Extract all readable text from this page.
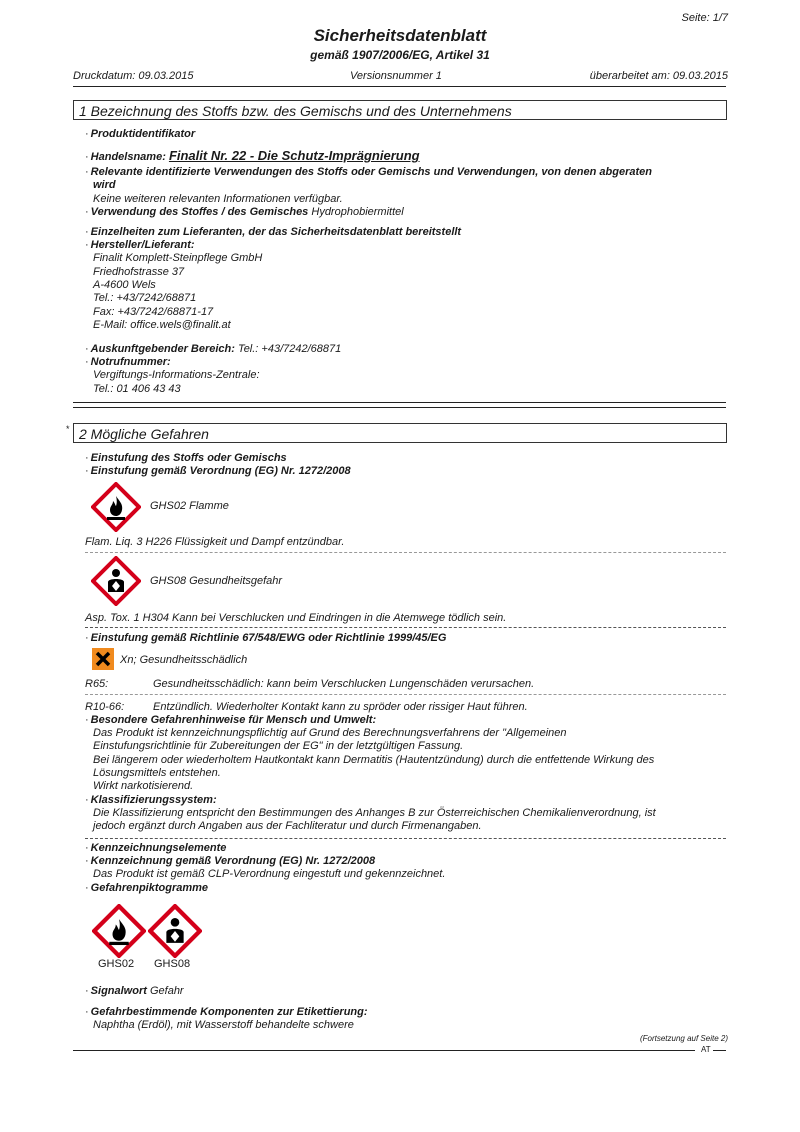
Seite: 1/7
Sicherheitsdatenblatt
gemäß 1907/2006/EG, Artikel 31
Druckdatum: 09.03.2015	Versionsnummer 1	überarbeitet am: 09.03.2015
1 Bezeichnung des Stoffs bzw. des Gemischs und des Unternehmens
· Produktidentifikator
· Handelsname: Finalit Nr. 22 - Die Schutz-Imprägnierung
· Relevante identifizierte Verwendungen des Stoffs oder Gemischs und Verwendungen, von denen abgeraten
wird
Keine weiteren relevanten Informationen verfügbar.
· Verwendung des Stoffes / des Gemisches Hydrophobiermittel
· Einzelheiten zum Lieferanten, der das Sicherheitsdatenblatt bereitstellt
· Hersteller/Lieferant:
Finalit Komplett-Steinpflege GmbH
Friedhofstrasse 37
A-4600 Wels
Tel.: +43/7242/68871
Fax: +43/7242/68871-17
E-Mail: office.wels@finalit.at
· Auskunftgebender Bereich: Tel.: +43/7242/68871
· Notrufnummer:
Vergiftungs-Informations-Zentrale:
Tel.: 01 406 43 43
* 2 Mögliche Gefahren
· Einstufung des Stoffs oder Gemischs
· Einstufung gemäß Verordnung (EG) Nr. 1272/2008
GHS02 Flamme
Flam. Liq. 3 H226 Flüssigkeit und Dampf entzündbar.
GHS08 Gesundheitsgefahr
Asp. Tox. 1 H304 Kann bei Verschlucken und Eindringen in die Atemwege tödlich sein.
· Einstufung gemäß Richtlinie 67/548/EWG oder Richtlinie 1999/45/EG
Xn; Gesundheitsschädlich
R65:	Gesundheitsschädlich: kann beim Verschlucken Lungenschäden verursachen.
R10-66:	Entzündlich. Wiederholter Kontakt kann zu spröder oder rissiger Haut führen.
· Besondere Gefahrenhinweise für Mensch und Umwelt:
Das Produkt ist kennzeichnungspflichtig auf Grund des Berechnungsverfahrens der "Allgemeinen
Einstufungsrichtlinie für Zubereitungen der EG" in der letztgültigen Fassung.
Bei längerem oder wiederholtem Hautkontakt kann Dermatitis (Hautentzündung) durch die entfettende Wirkung des
Lösungsmittels entstehen.
Wirkt narkotisierend.
· Klassifizierungssystem:
Die Klassifizierung entspricht den Bestimmungen des Anhanges B zur Österreichischen Chemikalienverordnung, ist
jedoch ergänzt durch Angaben aus der Fachliteratur und durch Firmenangaben.
· Kennzeichnungselemente
· Kennzeichnung gemäß Verordnung (EG) Nr. 1272/2008
Das Produkt ist gemäß CLP-Verordnung eingestuft und gekennzeichnet.
· Gefahrenpiktogramme
GHS02 GHS08
· Signalwort Gefahr
· Gefahrbestimmende Komponenten zur Etikettierung:
Naphtha (Erdöl), mit Wasserstoff behandelte schwere
(Fortsetzung auf Seite 2)
AT
